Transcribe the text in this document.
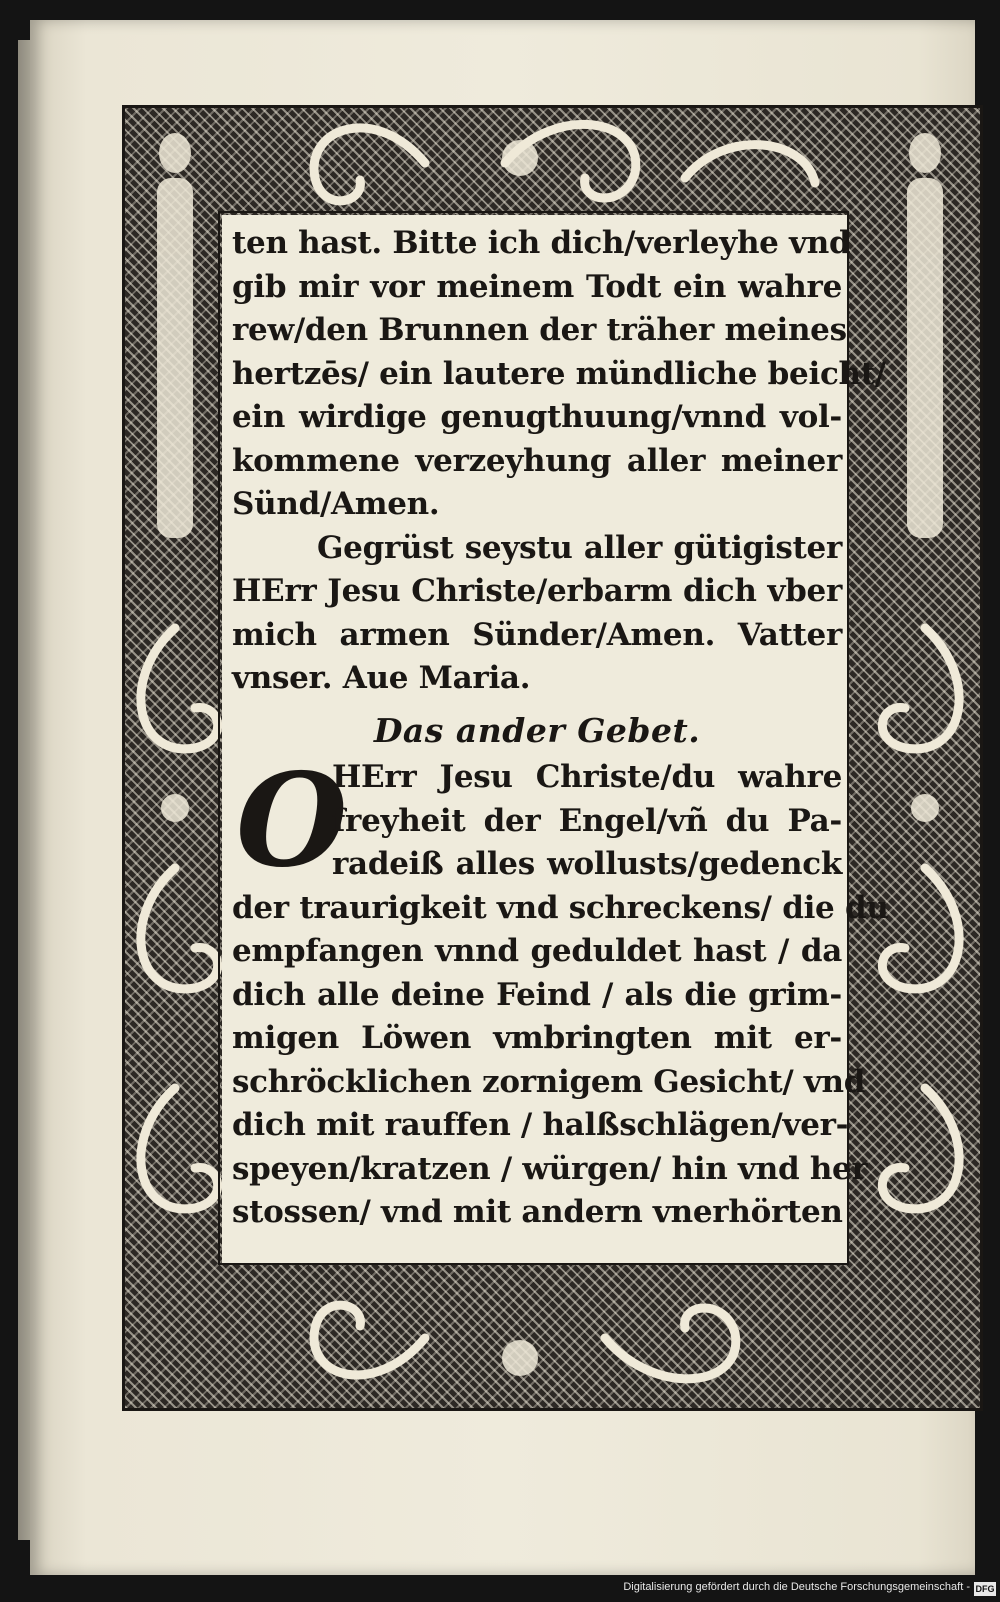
O
ten hast. Bitte ich dich/verleyhe vnd
gib mir vor meinem Todt ein wahre
rew/den Brunnen der träher meines
hertzēs/ ein lautere mündliche beicht/
ein wirdige genugthuung/vnnd vol-
kommene verzeyhung aller meiner
Sünd/Amen.
Gegrüst seystu aller gütigister
HErr Jesu Christe/erbarm dich vber
mich armen Sünder/Amen. Vatter
vnser. Aue Maria.
Das ander Gebet.
HErr Jesu Christe/du wahre
freyheit der Engel/vñ du Pa-
radeiß alles wollusts/gedenck
der traurigkeit vnd schreckens/ die du
empfangen vnnd geduldet hast / da
dich alle deine Feind / als die grim-
migen Löwen vmbringten mit er-
schröcklichen zornigem Gesicht/ vnd
dich mit rauffen / halßschlägen/ver-
speyen/kratzen / würgen/ hin vnd her
stossen/ vnd mit andern vnerhörten
Digitalisierung gefördert durch die Deutsche Forschungsgemeinschaft - DFG
